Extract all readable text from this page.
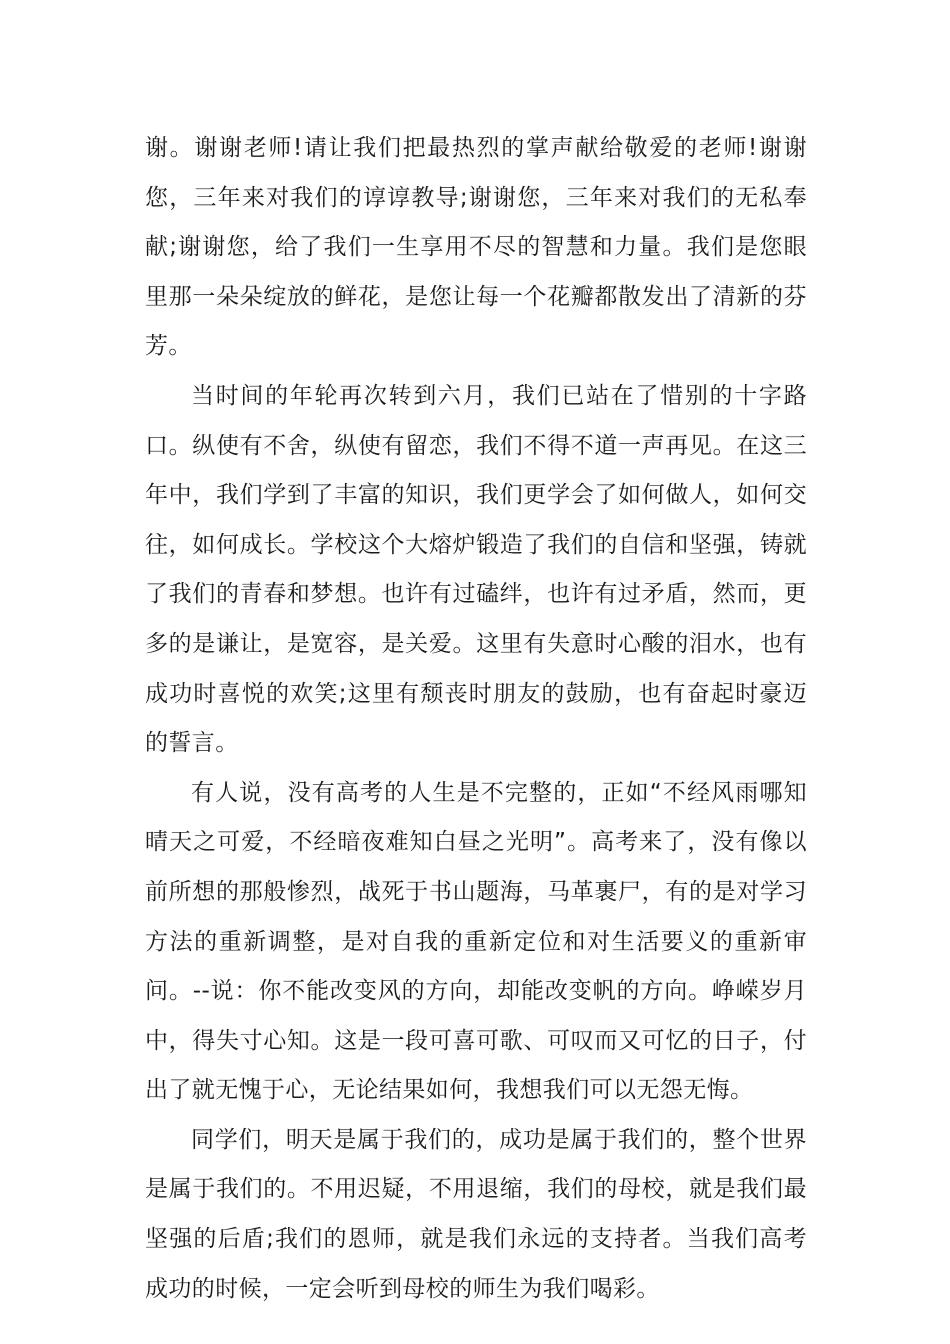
谢。谢谢老师!请让我们把最热烈的掌声献给敬爱的老师!谢谢您，三年来对我们的谆谆教导;谢谢您，三年来对我们的无私奉献;谢谢您，给了我们一生享用不尽的智慧和力量。我们是您眼里那一朵朵绽放的鲜花，是您让每一个花瓣都散发出了清新的芬芳。

当时间的年轮再次转到六月，我们已站在了惜别的十字路口。纵使有不舍，纵使有留恋，我们不得不道一声再见。在这三年中，我们学到了丰富的知识，我们更学会了如何做人，如何交往，如何成长。学校这个大熔炉锻造了我们的自信和坚强，铸就了我们的青春和梦想。也许有过磕绊，也许有过矛盾，然而，更多的是谦让，是宽容，是关爱。这里有失意时心酸的泪水，也有成功时喜悦的欢笑;这里有颓丧时朋友的鼓励，也有奋起时豪迈的誓言。

有人说，没有高考的人生是不完整的，正如“不经风雨哪知晴天之可爱，不经暗夜难知白昼之光明”。高考来了，没有像以前所想的那般惨烈，战死于书山题海，马革裹尸，有的是对学习方法的重新调整，是对自我的重新定位和对生活要义的重新审问。--说：你不能改变风的方向，却能改变帆的方向。峥嵘岁月中，得失寸心知。这是一段可喜可歌、可叹而又可忆的日子，付出了就无愧于心，无论结果如何，我想我们可以无怨无悔。

同学们，明天是属于我们的，成功是属于我们的，整个世界是属于我们的。不用迟疑，不用退缩，我们的母校，就是我们最坚强的后盾;我们的恩师，就是我们永远的支持者。当我们高考成功的时候，一定会听到母校的师生为我们喝彩。
